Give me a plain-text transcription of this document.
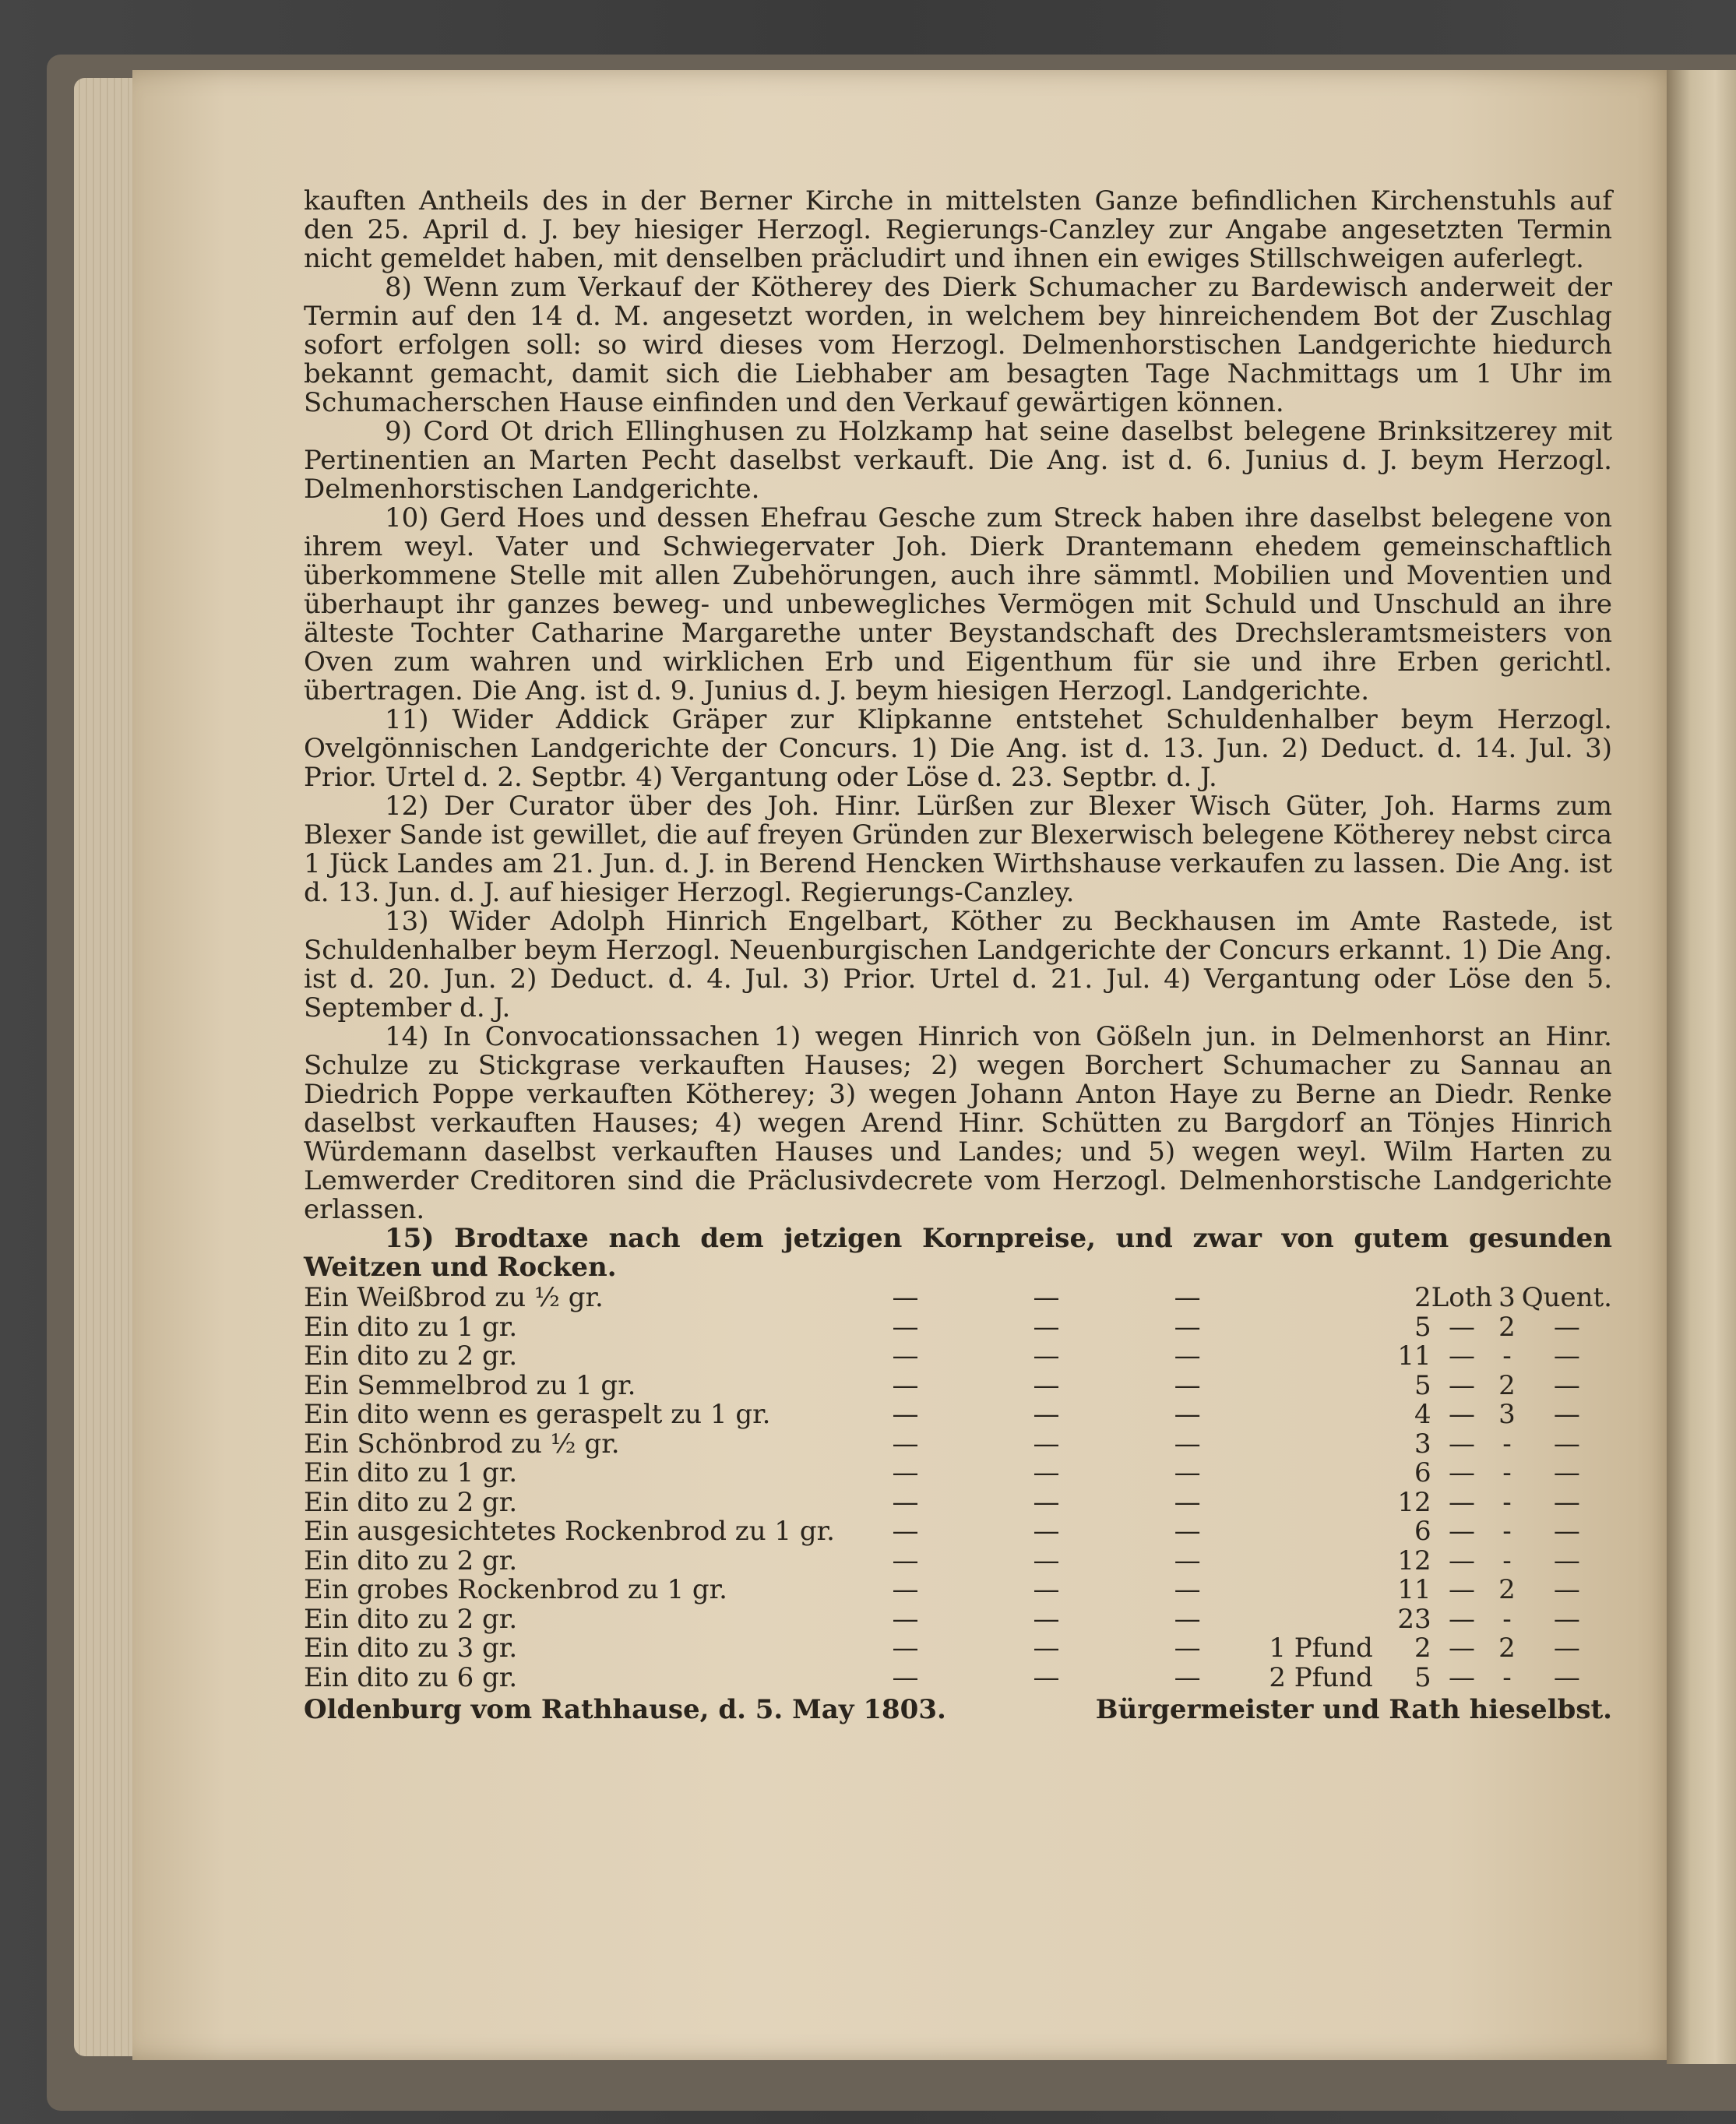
kauften Antheils des in der Berner Kirche in mittelsten Ganze befindlichen Kirchenstuhls auf den 25. April d. J. bey hiesiger Herzogl. Regierungs-Canzley zur Angabe angesetzten Termin nicht gemeldet haben, mit denselben präcludirt und ihnen ein ewiges Stillschweigen auferlegt.

8) Wenn zum Verkauf der Kötherey des Dierk Schumacher zu Bardewisch anderweit der Termin auf den 14 d. M. angesetzt worden, in welchem bey hinreichendem Bot der Zuschlag sofort erfolgen soll: so wird dieses vom Herzogl. Delmenhorstischen Landgerichte hiedurch bekannt gemacht, damit sich die Liebhaber am besagten Tage Nachmittags um 1 Uhr im Schumacherschen Hause einfinden und den Verkauf gewärtigen können.

9) Cord Ot drich Ellinghusen zu Holzkamp hat seine daselbst belegene Brinksitzerey mit Pertinentien an Marten Pecht daselbst verkauft. Die Ang. ist d. 6. Junius d. J. beym Herzogl. Delmenhorstischen Landgerichte.

10) Gerd Hoes und dessen Ehefrau Gesche zum Streck haben ihre daselbst belegene von ihrem weyl. Vater und Schwiegervater Joh. Dierk Drantemann ehedem gemeinschaftlich überkommene Stelle mit allen Zubehörungen, auch ihre sämmtl. Mobilien und Moventien und überhaupt ihr ganzes beweg- und unbewegliches Vermögen mit Schuld und Unschuld an ihre älteste Tochter Catharine Margarethe unter Beystandschaft des Drechsleramtsmeisters von Oven zum wahren und wirklichen Erb und Eigenthum für sie und ihre Erben gerichtl. übertragen. Die Ang. ist d. 9. Junius d. J. beym hiesigen Herzogl. Landgerichte.

11) Wider Addick Gräper zur Klipkanne entstehet Schuldenhalber beym Herzogl. Ovelgönnischen Landgerichte der Concurs. 1) Die Ang. ist d. 13. Jun. 2) Deduct. d. 14. Jul. 3) Prior. Urtel d. 2. Septbr. 4) Vergantung oder Löse d. 23. Septbr. d. J.

12) Der Curator über des Joh. Hinr. Lürßen zur Blexer Wisch Güter, Joh. Harms zum Blexer Sande ist gewillet, die auf freyen Gründen zur Blexerwisch belegene Kötherey nebst circa 1 Jück Landes am 21. Jun. d. J. in Berend Hencken Wirthshause verkaufen zu lassen. Die Ang. ist d. 13. Jun. d. J. auf hiesiger Herzogl. Regierungs-Canzley.

13) Wider Adolph Hinrich Engelbart, Köther zu Beckhausen im Amte Rastede, ist Schuldenhalber beym Herzogl. Neuenburgischen Landgerichte der Concurs erkannt. 1) Die Ang. ist d. 20. Jun. 2) Deduct. d. 4. Jul. 3) Prior. Urtel d. 21. Jul. 4) Vergantung oder Löse den 5. September d. J.

14) In Convocationssachen 1) wegen Hinrich von Gößeln jun. in Delmenhorst an Hinr. Schulze zu Stickgrase verkauften Hauses; 2) wegen Borchert Schumacher zu Sannau an Diedrich Poppe verkauften Kötherey; 3) wegen Johann Anton Haye zu Berne an Diedr. Renke daselbst verkauften Hauses; 4) wegen Arend Hinr. Schütten zu Bargdorf an Tönjes Hinrich Würdemann daselbst verkauften Hauses und Landes; und 5) wegen weyl. Wilm Harten zu Lemwerder Creditoren sind die Präclusivdecrete vom Herzogl. Delmenhorstische Landgerichte erlassen.

15) Brodtaxe nach dem jetzigen Kornpreise, und zwar von gutem gesunden Weitzen und Rocken.

Ein Weißbrod zu ½ gr.	—	—	—		2	Loth	3	Quent.
Ein dito zu 1 gr.	—	—	—		5	—	2	—
Ein dito zu 2 gr.	—	—	—		11	—	-	—
Ein Semmelbrod zu 1 gr.	—	—	—		5	—	2	—
Ein dito wenn es geraspelt zu 1 gr.	—	—	—		4	—	3	—
Ein Schönbrod zu ½ gr.	—	—	—		3	—	-	—
Ein dito zu 1 gr.	—	—	—		6	—	-	—
Ein dito zu 2 gr.	—	—	—		12	—	-	—
Ein ausgesichtetes Rockenbrod zu 1 gr.	—	—	—		6	—	-	—
Ein dito zu 2 gr.	—	—	—		12	—	-	—
Ein grobes Rockenbrod zu 1 gr.	—	—	—		11	—	2	—
Ein dito zu 2 gr.	—	—	—		23	—	-	—
Ein dito zu 3 gr.	—	—	—	1 Pfund	2	—	2	—
Ein dito zu 6 gr.	—	—	—	2 Pfund	5	—	-	—
Oldenburg vom Rathhause, d. 5. May 1803.	Bürgermeister und Rath hieselbst.
